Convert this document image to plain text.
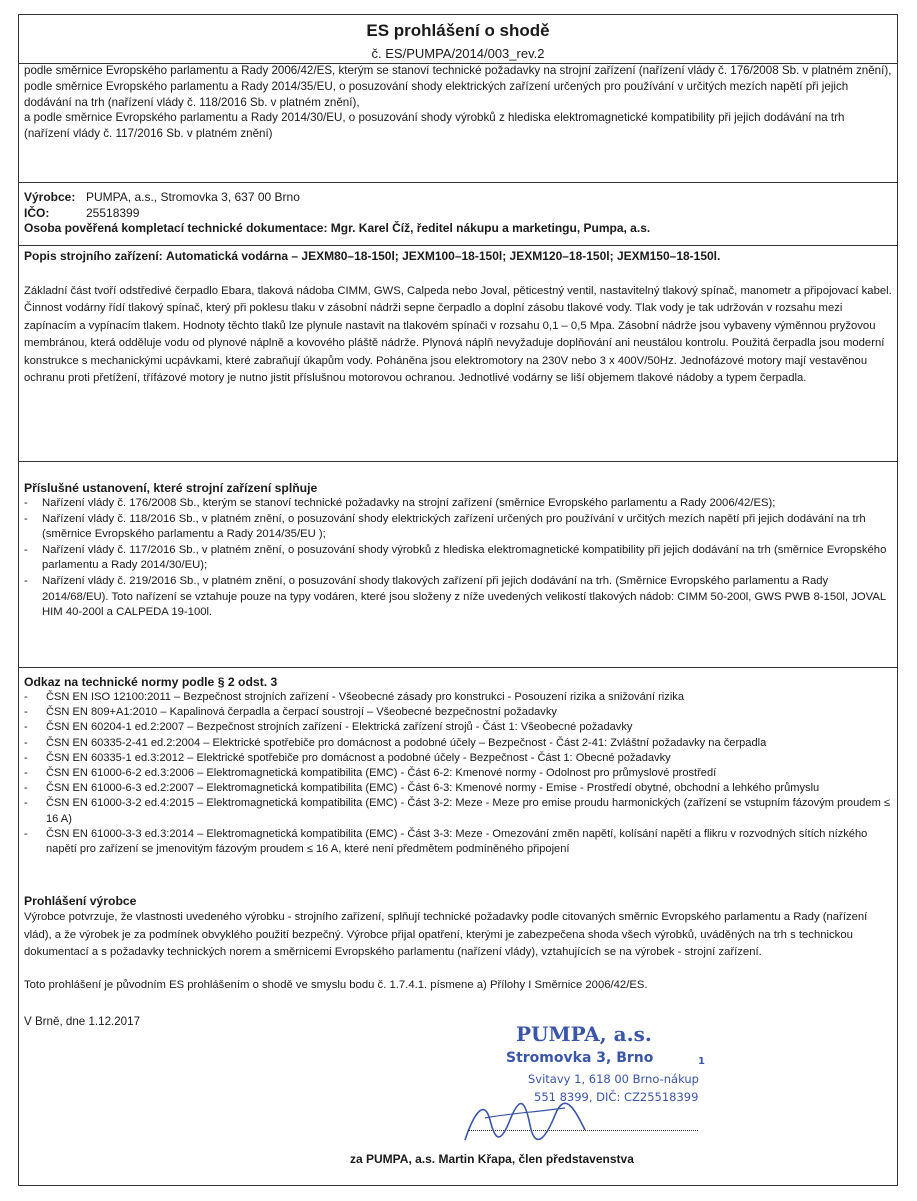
ES prohlášení o shodě
č. ES/PUMPA/2014/003_rev.2

podle směrnice Evropského parlamentu a Rady 2006/42/ES, kterým se stanoví technické požadavky na strojní zařízení (nařízení vlády č. 176/2008 Sb. v platném znění),

podle směrnice Evropského parlamentu a Rady 2014/35/EU, o posuzování shody elektrických zařízení určených pro používání v určitých mezích napětí při jejich dodávání na trh (nařízení vlády č. 118/2016 Sb. v platném znění),

a podle směrnice Evropského parlamentu a Rady 2014/30/EU, o posuzování shody výrobků z hlediska elektromagnetické kompatibility při jejich dodávání na trh (nařízení vlády č. 117/2016 Sb. v platném znění)

Výrobce: PUMPA, a.s., Stromovka 3, 637 00 Brno
IČO:	25518399
Osoba pověřená kompletací technické dokumentace: Mgr. Karel Číž, ředitel nákupu a marketingu, Pumpa, a.s.
Popis strojního zařízení: Automatická vodárna – JEXM80–18-150l; JEXM100–18-150l; JEXM120–18-150l; JEXM150–18-150l.
Základní část tvoří odstředivé čerpadlo Ebara, tlaková nádoba CIMM, GWS, Calpeda nebo Joval, pěticestný ventil, nastavitelný tlakový spínač, manometr a připojovací kabel. Činnost vodárny řídí tlakový spínač, který při poklesu tlaku v zásobní nádrži sepne čerpadlo a doplní zásobu tlakové vody. Tlak vody je tak udržován v rozsahu mezi zapínacím a vypínacím tlakem. Hodnoty těchto tlaků lze plynule nastavit na tlakovém spínači v rozsahu 0,1 – 0,5 Mpa. Zásobní nádrže jsou vybaveny výměnnou pryžovou membránou, která odděluje vodu od plynové náplně a kovového pláště nádrže. Plynová náplň nevyžaduje doplňování ani neustálou kontrolu. Použitá čerpadla jsou moderní konstrukce s mechanickými ucpávkami, které zabraňují úkapům vody. Poháněna jsou elektromotory na 230V nebo 3 x 400V/50Hz. Jednofázové motory mají vestavěnou ochranu proti přetížení, třífázové motory je nutno jistit příslušnou motorovou ochranou. Jednotlivé vodárny se liší objemem tlakové nádoby a typem čerpadla.
Příslušné ustanovení, které strojní zařízení splňuje
- Nařízení vlády č. 176/2008 Sb., kterým se stanoví technické požadavky na strojní zařízení (směrnice Evropského parlamentu a Rady 2006/42/ES);
- Nařízení vlády č. 118/2016 Sb., v platném znění, o posuzování shody elektrických zařízení určených pro používání v určitých mezích napětí při jejich dodávání na trh (směrnice Evropského parlamentu a Rady 2014/35/EU );
- Nařízení vlády č. 117/2016 Sb., v platném znění, o posuzování shody výrobků z hlediska elektromagnetické kompatibility při jejich dodávání na trh (směrnice Evropského parlamentu a Rady 2014/30/EU);
- Nařízení vlády č. 219/2016 Sb., v platném znění, o posuzování shody tlakových zařízení při jejich dodávání na trh. (Směrnice Evropského parlamentu a Rady 2014/68/EU). Toto nařízení se vztahuje pouze na typy vodáren, které jsou složeny z níže uvedených velikostí tlakových nádob: CIMM 50-200l, GWS PWB 8-150l, JOVAL HIM 40-200l a CALPEDA 19-100l.
Odkaz na technické normy podle § 2 odst. 3
- ČSN EN ISO 12100:2011 – Bezpečnost strojních zařízení - Všeobecné zásady pro konstrukci - Posouzení rizika a snižování rizika
- ČSN EN 809+A1:2010 – Kapalinová čerpadla a čerpací soustrojí – Všeobecné bezpečnostní požadavky
- ČSN EN 60204-1 ed.2:2007 – Bezpečnost strojních zařízení - Elektrická zařízení strojů - Část 1: Všeobecné požadavky
- ČSN EN 60335-2-41 ed.2:2004 – Elektrické spotřebiče pro domácnost a podobné účely – Bezpečnost - Část 2-41: Zvláštní požadavky na čerpadla
- ČSN EN 60335-1 ed.3:2012 – Elektrické spotřebiče pro domácnost a podobné účely - Bezpečnost - Část 1: Obecné požadavky
- ČSN EN 61000-6-2 ed.3:2006 – Elektromagnetická kompatibilita (EMC) - Část 6-2: Kmenové normy - Odolnost pro průmyslové prostředí
- ČSN EN 61000-6-3 ed.2:2007 – Elektromagnetická kompatibilita (EMC) - Část 6-3: Kmenové normy - Emise - Prostředí obytné, obchodní a lehkého průmyslu
- ČSN EN 61000-3-2 ed.4:2015 – Elektromagnetická kompatibilita (EMC) - Část 3-2: Meze - Meze pro emise proudu harmonických (zařízení se vstupním fázovým proudem ≤ 16 A)
- ČSN EN 61000-3-3 ed.3:2014 – Elektromagnetická kompatibilita (EMC) - Část 3-3: Meze - Omezování změn napětí, kolísání napětí a flikru v rozvodných sítích nízkého napětí pro zařízení se jmenovitým fázovým proudem ≤ 16 A, které není předmětem podmíněného připojení
Prohlášení výrobce
Výrobce potvrzuje, že vlastnosti uvedeného výrobku - strojního zařízení, splňují technické požadavky podle citovaných směrnic Evropského parlamentu a Rady (nařízení vlád), a že výrobek je za podmínek obvyklého použití bezpečný. Výrobce přijal opatření, kterými je zabezpečena shoda všech výrobků, uváděných na trh s technickou dokumentací a s požadavky technických norem a směrnicemi Evropského parlamentu (nařízení vlády), vztahujících se na výrobek - strojní zařízení.
Toto prohlášení je původním ES prohlášením o shodě ve smyslu bodu č. 1.7.4.1. písmene a) Přílohy I Směrnice 2006/42/ES.
V Brně, dne 1.12.2017
PUMPA, a.s.
Stromovka 3, Brno
Svitavy 1, 618 00 Brno-nákup
551 8399, DIČ: CZ25518399
1
za PUMPA, a.s. Martin Křapa, člen představenstva
